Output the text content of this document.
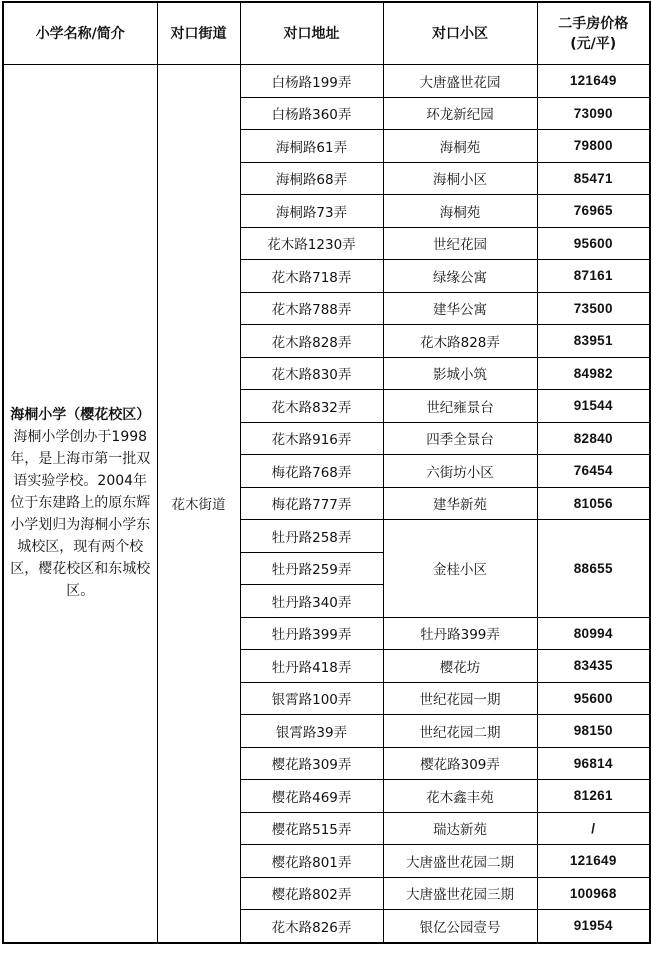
小学名称/简介	对口街道	对口地址	对口小区	二手房价格
(元/平)

海桐小学（樱花校区）
海桐小学创办于1998年，是上海市第一批双语实验学校。2004年位于东建路上的原东辉小学划归为海桐小学东城校区，现有两个校区，樱花校区和东城校区。	花木街道	白杨路199弄	大唐盛世花园	121649
		白杨路360弄	环龙新纪园	73090
		海桐路61弄	海桐苑	79800
		海桐路68弄	海桐小区	85471
		海桐路73弄	海桐苑	76965
		花木路1230弄	世纪花园	95600
		花木路718弄	绿缘公寓	87161
		花木路788弄	建华公寓	73500
		花木路828弄	花木路828弄	83951
		花木路830弄	影城小筑	84982
		花木路832弄	世纪雍景台	91544
		花木路916弄	四季全景台	82840
		梅花路768弄	六街坊小区	76454
		梅花路777弄	建华新苑	81056
		牡丹路258弄	金桂小区	88655
		牡丹路259弄		
		牡丹路340弄		
		牡丹路399弄	牡丹路399弄	80994
		牡丹路418弄	樱花坊	83435
		银霄路100弄	世纪花园一期	95600
		银霄路39弄	世纪花园二期	98150
		樱花路309弄	樱花路309弄	96814
		樱花路469弄	花木鑫丰苑	81261
		樱花路515弄	瑞达新苑	/
		樱花路801弄	大唐盛世花园二期	121649
		樱花路802弄	大唐盛世花园三期	100968
		花木路826弄	银亿公园壹号	91954
